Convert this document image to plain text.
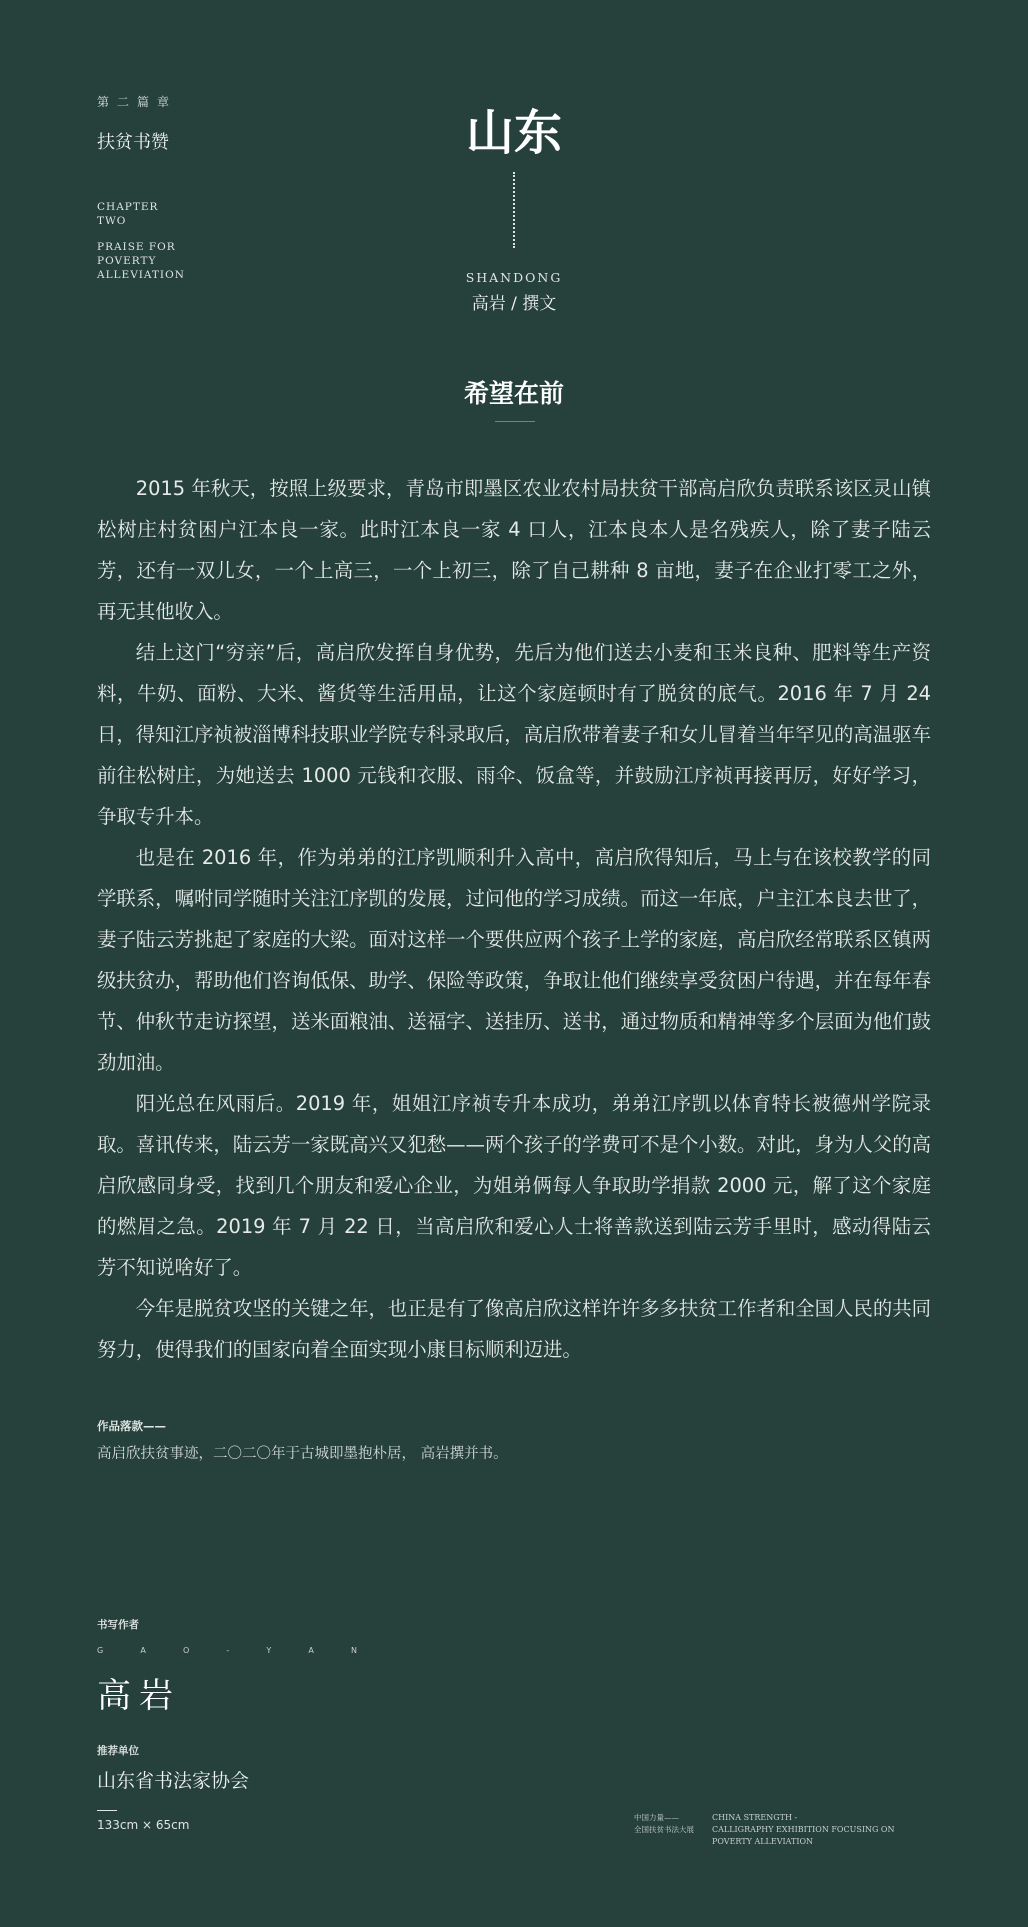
第二篇章
扶贫书赞
CHAPTER
TWO
PRAISE FOR
POVERTY
ALLEVIATION
山东
SHANDONG
高岩 / 撰文
希望在前

2015 年秋天，按照上级要求，青岛市即墨区农业农村局扶贫干部高启欣负责联系该区灵山镇松树庄村贫困户江本良一家。此时江本良一家 4 口人，江本良本人是名残疾人，除了妻子陆云芳，还有一双儿女，一个上高三，一个上初三，除了自己耕种 8 亩地，妻子在企业打零工之外，再无其他收入。

结上这门“穷亲”后，高启欣发挥自身优势，先后为他们送去小麦和玉米良种、肥料等生产资料，牛奶、面粉、大米、酱货等生活用品，让这个家庭顿时有了脱贫的底气。2016 年 7 月 24 日，得知江序祯被淄博科技职业学院专科录取后，高启欣带着妻子和女儿冒着当年罕见的高温驱车前往松树庄，为她送去 1000 元钱和衣服、雨伞、饭盒等，并鼓励江序祯再接再厉，好好学习，争取专升本。

也是在 2016 年，作为弟弟的江序凯顺利升入高中，高启欣得知后，马上与在该校教学的同学联系，嘱咐同学随时关注江序凯的发展，过问他的学习成绩。而这一年底，户主江本良去世了，妻子陆云芳挑起了家庭的大梁。面对这样一个要供应两个孩子上学的家庭，高启欣经常联系区镇两级扶贫办，帮助他们咨询低保、助学、保险等政策，争取让他们继续享受贫困户待遇，并在每年春节、仲秋节走访探望，送米面粮油、送福字、送挂历、送书，通过物质和精神等多个层面为他们鼓劲加油。

阳光总在风雨后。2019 年，姐姐江序祯专升本成功，弟弟江序凯以体育特长被德州学院录取。喜讯传来，陆云芳一家既高兴又犯愁——两个孩子的学费可不是个小数。对此，身为人父的高启欣感同身受，找到几个朋友和爱心企业，为姐弟俩每人争取助学捐款 2000 元，解了这个家庭的燃眉之急。2019 年 7 月 22 日，当高启欣和爱心人士将善款送到陆云芳手里时，感动得陆云芳不知说啥好了。

今年是脱贫攻坚的关键之年，也正是有了像高启欣这样许许多多扶贫工作者和全国人民的共同努力，使得我们的国家向着全面实现小康目标顺利迈进。

作品落款——
高启欣扶贫事迹，二〇二〇年于古城即墨抱朴居， 高岩撰并书。
书写作者
G	A	O	-	Y	A	N
高岩
推荐单位
山东省书法家协会
133cm × 65cm
中国力量——
全国扶贫书法大展
CHINA STRENGTH -
CALLIGRAPHY EXHIBITION FOCUSING ON POVERTY ALLEVIATION
